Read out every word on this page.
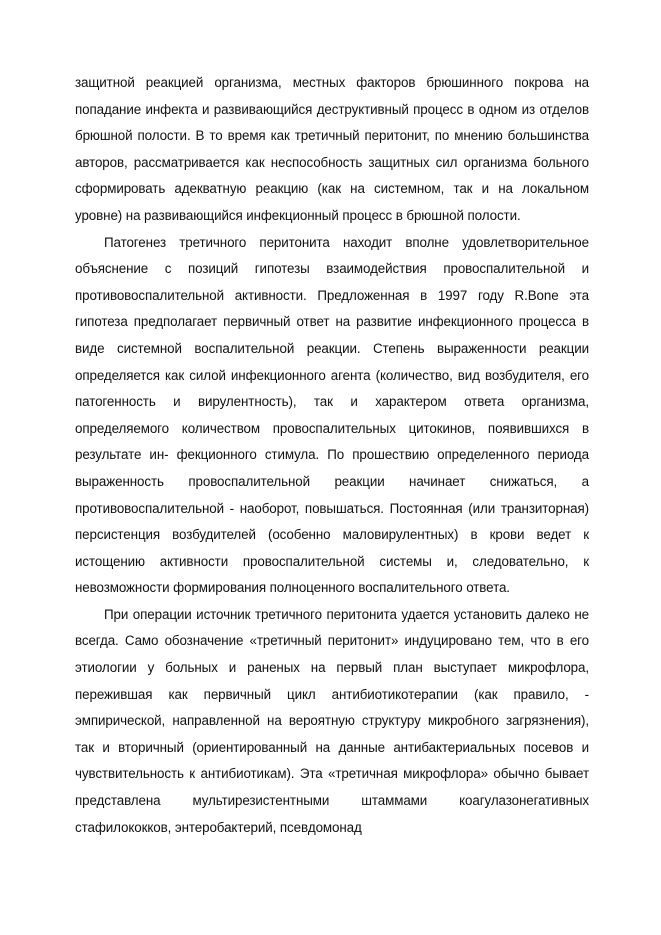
защитной реакцией организма, местных факторов брюшинного покрова на попадание инфекта и развивающийся деструктивный процесс в одном из отделов брюшной полости. В то время как третичный перитонит, по мнению большинства авторов, рассматривается как неспособность защитных сил организма больного сформировать адекватную реакцию (как на системном, так и на локальном уровне) на развивающийся инфекционный процесс в брюшной полости.

Патогенез третичного перитонита находит вполне удовлетворительное объяснение с позиций гипотезы взаимодействия провоспалительной и противовоспалительной активности. Предложенная в 1997 году R.Bone эта гипотеза предполагает первичный ответ на развитие инфекционного процесса в виде системной воспалительной реакции. Степень выраженности реакции определяется как силой инфекционного агента (количество, вид возбудителя, его патогенность и вирулентность), так и характером ответа организма, определяемого количеством провоспалительных цитокинов, появившихся в результате ин- фекционного стимула. По прошествию определенного периода выраженность провоспалительной реакции начинает снижаться, а противовоспалительной - наоборот, повышаться. Постоянная (или транзиторная) персистенция возбудителей (особенно маловирулентных) в крови ведет к истощению активности провоспалительной системы и, следовательно, к невозможности формирования полноценного воспалительного ответа.

При операции источник третичного перитонита удается установить далеко не всегда. Само обозначение «третичный перитонит» индуцировано тем, что в его этиологии у больных и раненых на первый план выступает микрофлора, пережившая как первичный цикл антибиотикотерапии (как правило, - эмпирической, направленной на вероятную структуру микробного загрязнения), так и вторичный (ориентированный на данные антибактериальных посевов и чувствительность к антибиотикам). Эта «третичная микрофлора» обычно бывает представлена мультирезистентными штаммами коагулазонегативных стафилококков, энтеробактерий, псевдомонад
